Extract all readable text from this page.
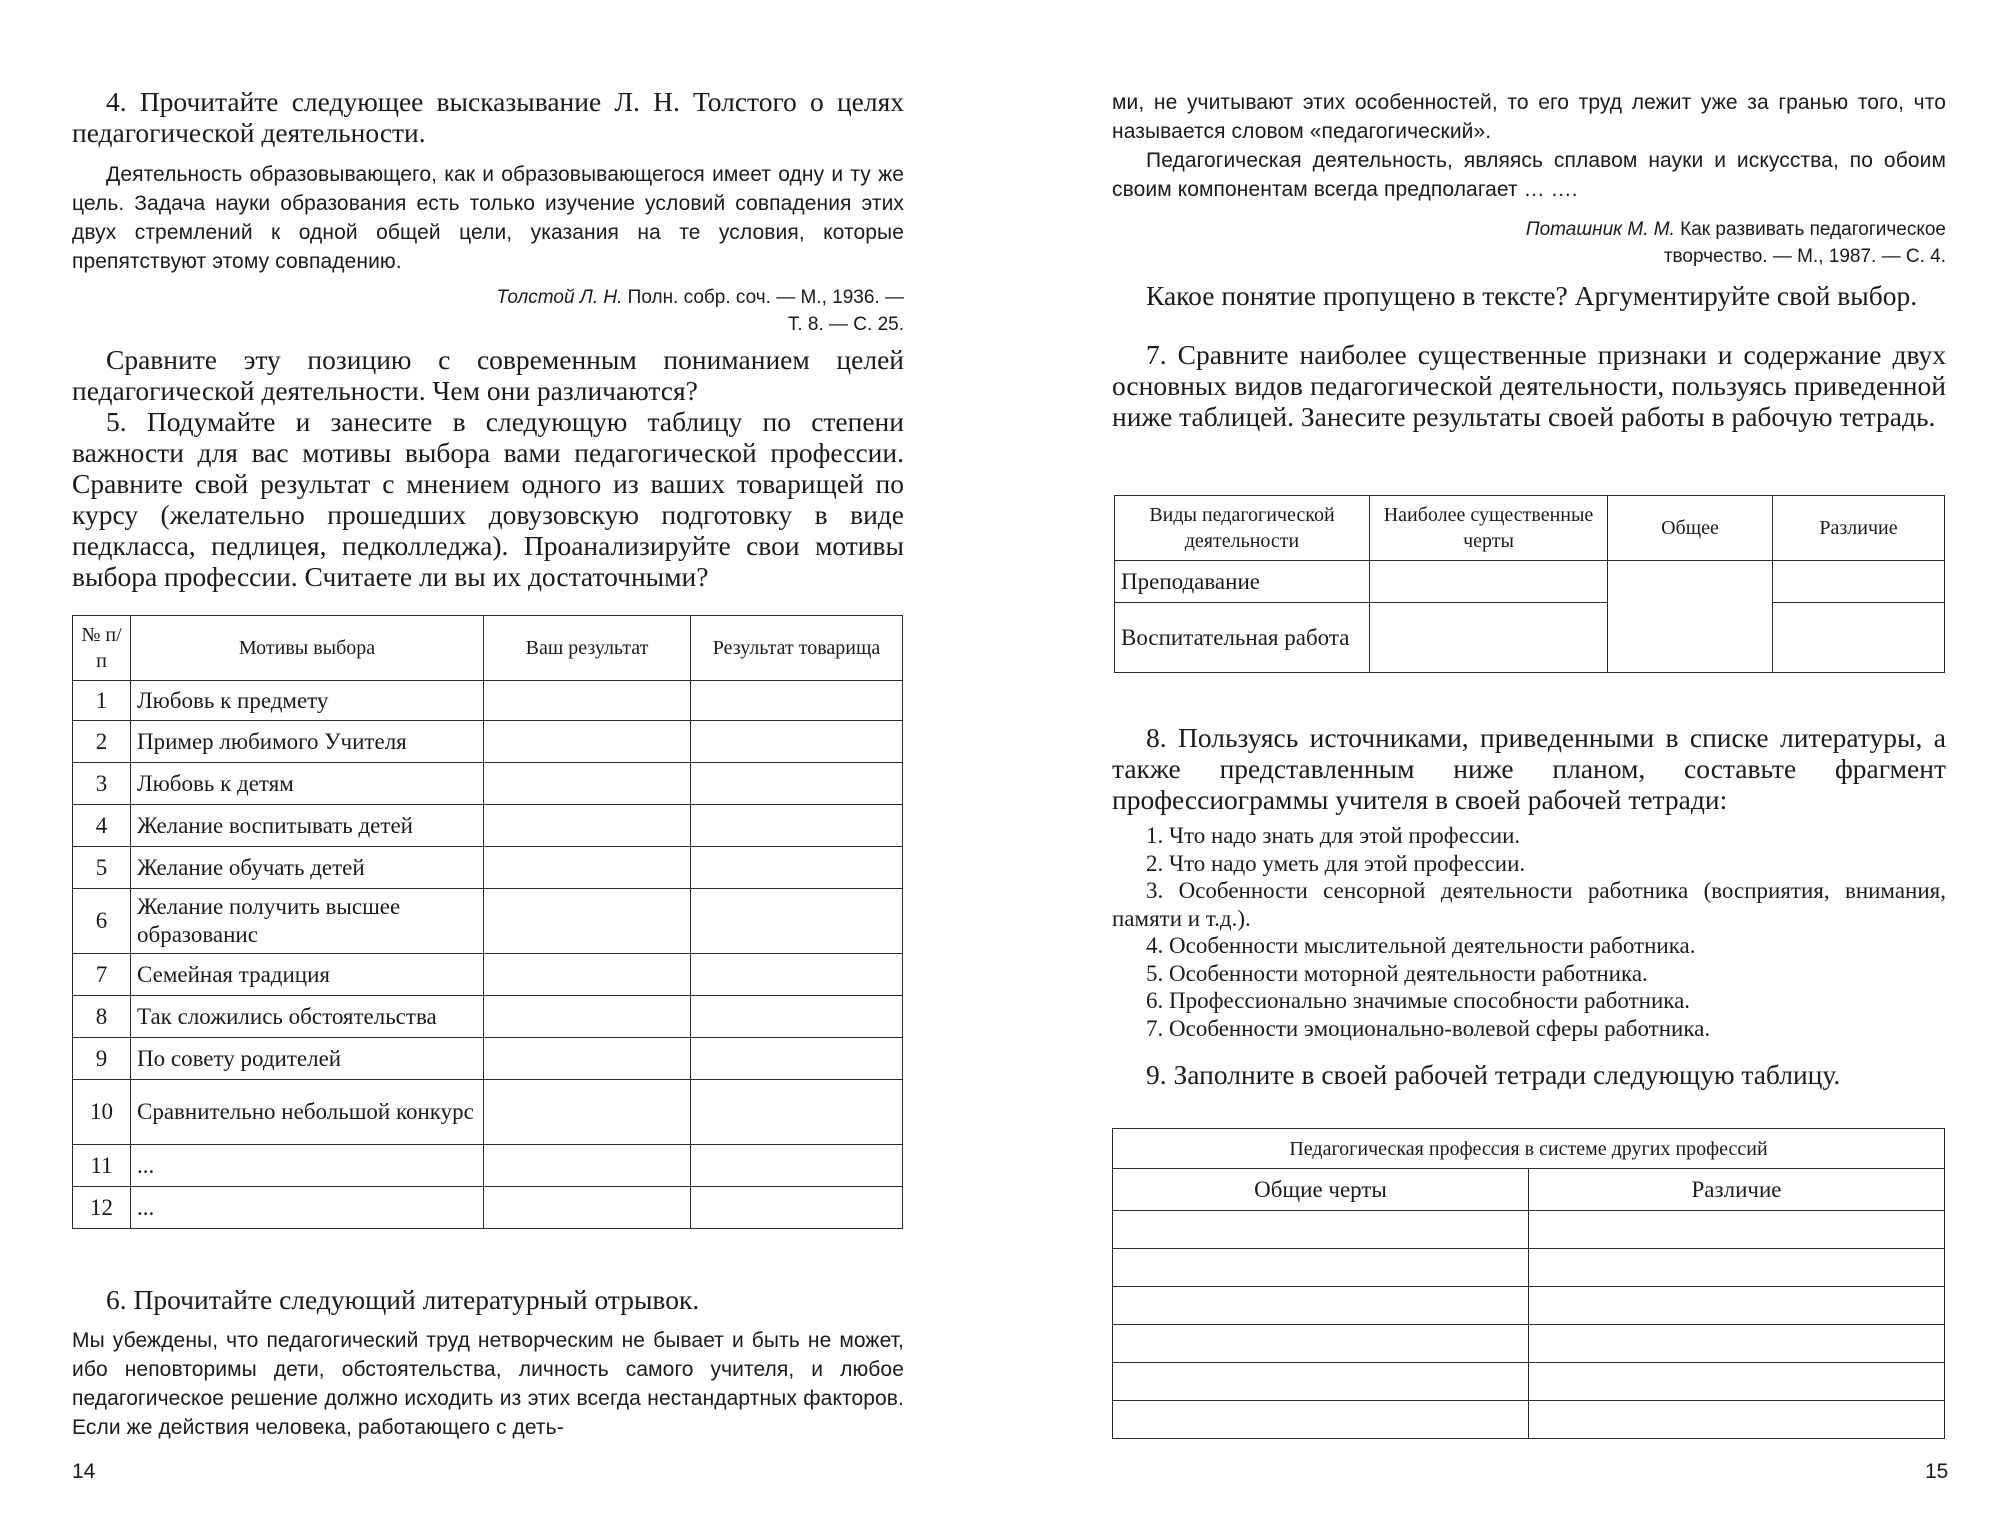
4. Прочитайте следующее высказывание Л. Н. Толстого о целях педагогической деятельности.
Деятельность образовывающего, как и образовывающегося имеет одну и ту же цель. Задача науки образования есть только изучение условий совпадения этих двух стремлений к одной общей цели, указания на те условия, которые препятствуют этому совпадению.
Толстой Л. Н. Полн. собр. соч. — М., 1936. —
Т. 8. — С. 25.
Сравните эту позицию с современным пониманием целей педагогической деятельности. Чем они различаются?
5. Подумайте и занесите в следующую таблицу по степени важности для вас мотивы выбора вами педагогической профессии. Сравните свой результат с мнением одного из ваших товарищей по курсу (желательно прошедших довузовскую подготовку в виде педкласса, педлицея, педколледжа). Проанализируйте свои мотивы выбора профессии. Считаете ли вы их достаточными?
№ п/п	Мотивы выбора	Ваш результат	Результат товарища
1	Любовь к предмету		
2	Пример любимого Учителя		
3	Любовь к детям		
4	Желание воспитывать детей		
5	Желание обучать детей		
6	Желание получить высшее образованис		
7	Семейная традиция		
8	Так сложились обстоятельства		
9	По совету родителей		
10	Сравнительно небольшой конкурс		
11	...		
12	...		
6. Прочитайте следующий литературный отрывок.
Мы убеждены, что педагогический труд нетворческим не бывает и быть не может, ибо неповторимы дети, обстоятельства, личность самого учителя, и любое педагогическое решение должно исходить из этих всегда нестандартных факторов. Если же действия человека, работающего с деть-
14
ми, не учитывают этих особенностей, то его труд лежит уже за гранью того, что называется словом «педагогический».
Педагогическая деятельность, являясь сплавом науки и искусства, по обоим своим компонентам всегда предполагает … ….
Поташник М. М. Как развивать педагогическое
творчество. — М., 1987. — С. 4.
Какое понятие пропущено в тексте? Аргументируйте свой выбор.
7. Сравните наиболее существенные признаки и содержание двух основных видов педагогической деятельности, пользуясь приведенной ниже таблицей. Занесите результаты своей работы в рабочую тетрадь.
Виды педагогической деятельности	Наиболее существенные черты	Общее	Различие
Преподавание			
Воспитательная работа			
8. Пользуясь источниками, приведенными в списке литературы, а также представленным ниже планом, составьте фрагмент профессиограммы учителя в своей рабочей тетради:
1. Что надо знать для этой профессии.
2. Что надо уметь для этой профессии.
3. Особенности сенсорной деятельности работника (восприятия, внимания, памяти и т.д.).
4. Особенности мыслительной деятельности работника.
5. Особенности моторной деятельности работника.
6. Профессионально значимые способности работника.
7. Особенности эмоционально-волевой сферы работника.
9. Заполните в своей рабочей тетради следующую таблицу.
Педагогическая профессия в системе других профессий	
Общие черты	Различие

15
